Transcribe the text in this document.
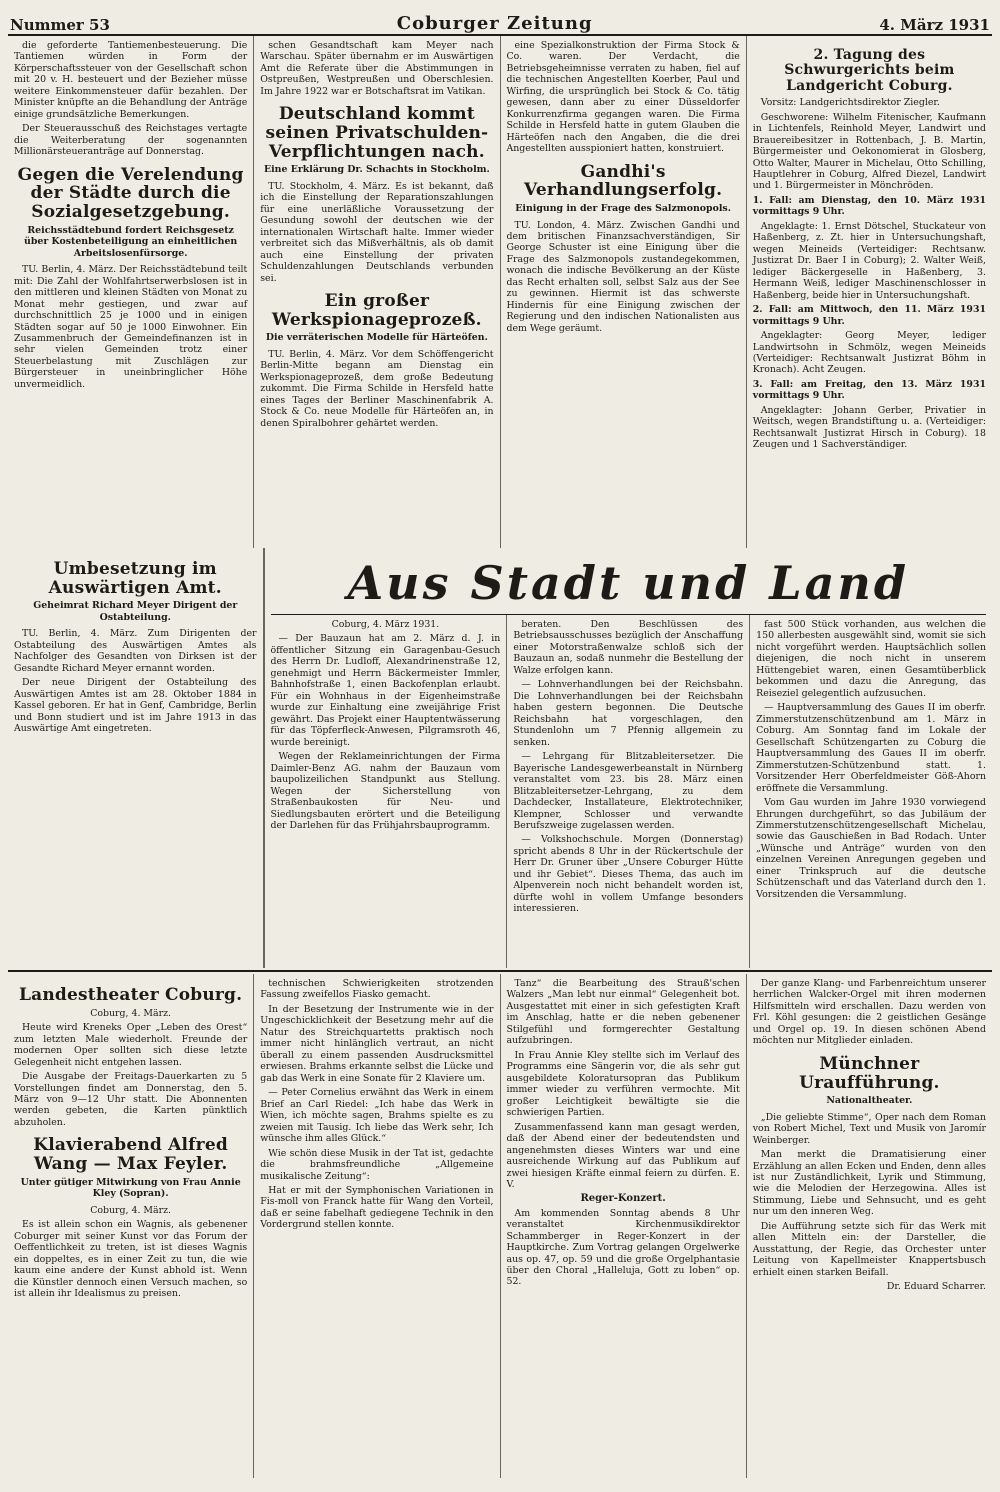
Nummer 53	Coburger Zeitung	4. März 1931

die geforderte Tantiemenbesteuerung. Die Tantiemen würden in Form der Körperschaftssteuer von der Gesellschaft schon mit 20 v. H. besteuert und der Bezieher müsse weitere Einkommensteuer dafür bezahlen. Der Minister knüpfte an die Behandlung der Anträge einige grundsätzliche Bemerkungen.

Der Steuerausschuß des Reichstages vertagte die Weiterberatung der sogenannten Millionärsteueranträge auf Donnerstag.

Gegen die Verelendung der Städte durch die Sozialgesetzgebung.
Reichsstädtebund fordert Reichsgesetz über Kostenbeteiligung an einheitlichen Arbeitslosenfürsorge.

TU. Berlin, 4. März. Der Reichsstädtebund teilt mit: Die Zahl der Wohlfahrtserwerbslosen ist in den mittleren und kleinen Städten von Monat zu Monat mehr gestiegen, und zwar auf durchschnittlich 25 je 1000 und in einigen Städten sogar auf 50 je 1000 Einwohner. Ein Zusammenbruch der Gemeindefinanzen ist in sehr vielen Gemeinden trotz einer Steuerbelastung mit Zuschlägen zur Bürgersteuer in uneinbringlicher Höhe unvermeidlich.

schen Gesandtschaft kam Meyer nach Warschau. Später übernahm er im Auswärtigen Amt die Referate über die Abstimmungen in Ostpreußen, Westpreußen und Oberschlesien. Im Jahre 1922 war er Botschaftsrat im Vatikan.

Deutschland kommt seinen Privatschulden-Verpflichtungen nach.
Eine Erklärung Dr. Schachts in Stockholm.

TU. Stockholm, 4. März. Es ist bekannt, daß ich die Einstellung der Reparationszahlungen für eine unerläßliche Voraussetzung der Gesundung sowohl der deutschen wie der internationalen Wirtschaft halte. Immer wieder verbreitet sich das Mißverhältnis, als ob damit auch eine Einstellung der privaten Schuldenzahlungen Deutschlands verbunden sei.

Ein großer Werkspionageprozeß.
Die verräterischen Modelle für Härteöfen.

TU. Berlin, 4. März. Vor dem Schöffengericht Berlin-Mitte begann am Dienstag ein Werkspionageprozeß, dem große Bedeutung zukommt. Die Firma Schilde in Hersfeld hatte eines Tages der Berliner Maschinenfabrik A. Stock & Co. neue Modelle für Härteöfen an, in denen Spiralbohrer gehärtet werden.

eine Spezialkonstruktion der Firma Stock & Co. waren. Der Verdacht, die Betriebsgeheimnisse verraten zu haben, fiel auf die technischen Angestellten Koerber, Paul und Wirfing, die ursprünglich bei Stock & Co. tätig gewesen, dann aber zu einer Düsseldorfer Konkurrenzfirma gegangen waren. Die Firma Schilde in Hersfeld hatte in gutem Glauben die Härteöfen nach den Angaben, die die drei Angestellten ausspioniert hatten, konstruiert.

Gandhi's Verhandlungserfolg.
Einigung in der Frage des Salzmonopols.

TU. London, 4. März. Zwischen Gandhi und dem britischen Finanzsachverständigen, Sir George Schuster ist eine Einigung über die Frage des Salzmonopols zustandegekommen, wonach die indische Bevölkerung an der Küste das Recht erhalten soll, selbst Salz aus der See zu gewinnen. Hiermit ist das schwerste Hindernis für eine Einigung zwischen der Regierung und den indischen Nationalisten aus dem Wege geräumt.

2. Tagung des Schwurgerichts beim Landgericht Coburg.

Vorsitz: Landgerichtsdirektor Ziegler.

Geschworene: Wilhelm Fitenischer, Kaufmann in Lichtenfels, Reinhold Meyer, Landwirt und Brauereibesitzer in Rottenbach, J. B. Martin, Bürgermeister und Oekonomierat in Glosberg, Otto Walter, Maurer in Michelau, Otto Schilling, Hauptlehrer in Coburg, Alfred Diezel, Landwirt und 1. Bürgermeister in Mönchröden.

1. Fall: am Dienstag, den 10. März 1931 vormittags 9 Uhr.

Angeklagte: 1. Ernst Dötschel, Stuckateur von Haßenberg, z. Zt. hier in Untersuchungshaft, wegen Meineids (Verteidiger: Rechtsanw. Justizrat Dr. Baer I in Coburg); 2. Walter Weiß, lediger Bäckergeselle in Haßenberg, 3. Hermann Weiß, lediger Maschinenschlosser in Haßenberg, beide hier in Untersuchungshaft.

2. Fall: am Mittwoch, den 11. März 1931 vormittags 9 Uhr.

Angeklagter: Georg Meyer, lediger Landwirtsohn in Schmölz, wegen Meineids (Verteidiger: Rechtsanwalt Justizrat Böhm in Kronach). Acht Zeugen.

3. Fall: am Freitag, den 13. März 1931 vormittags 9 Uhr.

Angeklagter: Johann Gerber, Privatier in Weitsch, wegen Brandstiftung u. a. (Verteidiger: Rechtsanwalt Justizrat Hirsch in Coburg). 18 Zeugen und 1 Sachverständiger.

Umbesetzung im Auswärtigen Amt.
Geheimrat Richard Meyer Dirigent der Ostabteilung.

TU. Berlin, 4. März. Zum Dirigenten der Ostabteilung des Auswärtigen Amtes als Nachfolger des Gesandten von Dirksen ist der Gesandte Richard Meyer ernannt worden.

Der neue Dirigent der Ostabteilung des Auswärtigen Amtes ist am 28. Oktober 1884 in Kassel geboren. Er hat in Genf, Cambridge, Berlin und Bonn studiert und ist im Jahre 1913 in das Auswärtige Amt eingetreten.

Aus Stadt und Land

Coburg, 4. März 1931.

— Der Bauzaun hat am 2. März d. J. in öffentlicher Sitzung ein Garagenbau-Gesuch des Herrn Dr. Ludloff, Alexandrinenstraße 12, genehmigt und Herrn Bäckermeister Immler, Bahnhofstraße 1, einen Backofenplan erlaubt. Für ein Wohnhaus in der Eigenheimstraße wurde zur Einhaltung eine zweijährige Frist gewährt. Das Projekt einer Hauptentwässerung für das Töpferfleck-Anwesen, Pilgramsroth 46, wurde bereinigt.

Wegen der Reklameinrichtungen der Firma Daimler-Benz AG. nahm der Bauzaun vom baupolizeilichen Standpunkt aus Stellung. Wegen der Sicherstellung von Straßenbaukosten für Neu- und Siedlungsbauten erörtert und die Beteiligung der Darlehen für das Frühjahrsbauprogramm.

beraten. Den Beschlüssen des Betriebsausschusses bezüglich der Anschaffung einer Motorstraßenwalze schloß sich der Bauzaun an, sodaß nunmehr die Bestellung der Walze erfolgen kann.

— Lohnverhandlungen bei der Reichsbahn. Die Lohnverhandlungen bei der Reichsbahn haben gestern begonnen. Die Deutsche Reichsbahn hat vorgeschlagen, den Stundenlohn um 7 Pfennig allgemein zu senken.

— Lehrgang für Blitzableitersetzer. Die Bayerische Landesgewerbeanstalt in Nürnberg veranstaltet vom 23. bis 28. März einen Blitzableitersetzer-Lehrgang, zu dem Dachdecker, Installateure, Elektrotechniker, Klempner, Schlosser und verwandte Berufszweige zugelassen werden.

— Volkshochschule. Morgen (Donnerstag) spricht abends 8 Uhr in der Rückertschule der Herr Dr. Gruner über „Unsere Coburger Hütte und ihr Gebiet“. Dieses Thema, das auch im Alpenverein noch nicht behandelt worden ist, dürfte wohl in vollem Umfange besonders interessieren.

fast 500 Stück vorhanden, aus welchen die 150 allerbesten ausgewählt sind, womit sie sich nicht vorgeführt werden. Hauptsächlich sollen diejenigen, die noch nicht in unserem Hüttengebiet waren, einen Gesamtüberblick bekommen und dazu die Anregung, das Reiseziel gelegentlich aufzusuchen.

— Hauptversammlung des Gaues II im oberfr. Zimmerstutzenschützenbund am 1. März in Coburg. Am Sonntag fand im Lokale der Gesellschaft Schützengarten zu Coburg die Hauptversammlung des Gaues II im oberfr. Zimmerstutzen-Schützenbund statt. 1. Vorsitzender Herr Oberfeldmeister Göß-Ahorn eröffnete die Versammlung.

Vom Gau wurden im Jahre 1930 vorwiegend Ehrungen durchgeführt, so das Jubiläum der Zimmerstutzenschützengesellschaft Michelau, sowie das Gauschießen in Bad Rodach. Unter „Wünsche und Anträge“ wurden von den einzelnen Vereinen Anregungen gegeben und einer Trinkspruch auf die deutsche Schützenschaft und das Vaterland durch den 1. Vorsitzenden die Versammlung.

Landestheater Coburg.

Coburg, 4. März.

Heute wird Kreneks Oper „Leben des Orest“ zum letzten Male wiederholt. Freunde der modernen Oper sollten sich diese letzte Gelegenheit nicht entgehen lassen.

Die Ausgabe der Freitags-Dauerkarten zu 5 Vorstellungen findet am Donnerstag, den 5. März von 9—12 Uhr statt. Die Abonnenten werden gebeten, die Karten pünktlich abzuholen.

Klavierabend Alfred Wang — Max Feyler.
Unter gütiger Mitwirkung von Frau Annie Kley (Sopran).

Coburg, 4. März.

Es ist allein schon ein Wagnis, als gebenener Coburger mit seiner Kunst vor das Forum der Oeffentlichkeit zu treten, ist ist dieses Wagnis ein doppeltes, es in einer Zeit zu tun, die wie kaum eine andere der Kunst abhold ist. Wenn die Künstler dennoch einen Versuch machen, so ist allein ihr Idealismus zu preisen.

technischen Schwierigkeiten strotzenden Fassung zweifellos Fiasko gemacht.

In der Besetzung der Instrumente wie in der Ungeschicklichkeit der Besetzung mehr auf die Natur des Streichquartetts praktisch noch immer nicht hinlänglich vertraut, an nicht überall zu einem passenden Ausdrucksmittel erwiesen. Brahms erkannte selbst die Lücke und gab das Werk in eine Sonate für 2 Klaviere um.

— Peter Cornelius erwähnt das Werk in einem Brief an Carl Riedel: „Ich habe das Werk in Wien, ich möchte sagen, Brahms spielte es zu zweien mit Tausig. Ich liebe das Werk sehr, Ich wünsche ihm alles Glück.“

Wie schön diese Musik in der Tat ist, gedachte die brahmsfreundliche „Allgemeine musikalische Zeitung“:

Hat er mit der Symphonischen Variationen in Fis-moll von Franck hatte für Wang den Vorteil, daß er seine fabelhaft gediegene Technik in den Vordergrund stellen konnte.

Tanz“ die Bearbeitung des Strauß'schen Walzers „Man lebt nur einmal“ Gelegenheit bot. Ausgestattet mit einer in sich gefestigten Kraft im Anschlag, hatte er die neben gebenener Stilgefühl und formgerechter Gestaltung aufzubringen.

In Frau Annie Kley stellte sich im Verlauf des Programms eine Sängerin vor, die als sehr gut ausgebildete Koloratursopran das Publikum immer wieder zu verführen vermochte. Mit großer Leichtigkeit bewältigte sie die schwierigen Partien.

Zusammenfassend kann man gesagt werden, daß der Abend einer der bedeutendsten und angenehmsten dieses Winters war und eine ausreichende Wirkung auf das Publikum auf zwei hiesigen Kräfte einmal feiern zu dürfen. E. V.

Reger-Konzert.

Am kommenden Sonntag abends 8 Uhr veranstaltet Kirchenmusikdirektor Schammberger in Reger-Konzert in der Hauptkirche. Zum Vortrag gelangen Orgelwerke aus op. 47, op. 59 und die große Orgelphantasie über den Choral „Halleluja, Gott zu loben“ op. 52.

Der ganze Klang- und Farbenreichtum unserer herrlichen Walcker-Orgel mit ihren modernen Hilfsmitteln wird erschallen. Dazu werden von Frl. Köhl gesungen: die 2 geistlichen Gesänge und Orgel op. 19. In diesen schönen Abend möchten nur Mitglieder einladen.

Münchner Uraufführung.
Nationaltheater.

„Die geliebte Stimme“, Oper nach dem Roman von Robert Michel, Text und Musik von Jaromír Weinberger.

Man merkt die Dramatisierung einer Erzählung an allen Ecken und Enden, denn alles ist nur Zuständlichkeit, Lyrik und Stimmung, wie die Melodien der Herzegowina. Alles ist Stimmung, Liebe und Sehnsucht, und es geht nur um den inneren Weg.

Die Aufführung setzte sich für das Werk mit allen Mitteln ein: der Darsteller, die Ausstattung, der Regie, das Orchester unter Leitung von Kapellmeister Knappertsbusch erhielt einen starken Beifall.

Dr. Eduard Scharrer.
